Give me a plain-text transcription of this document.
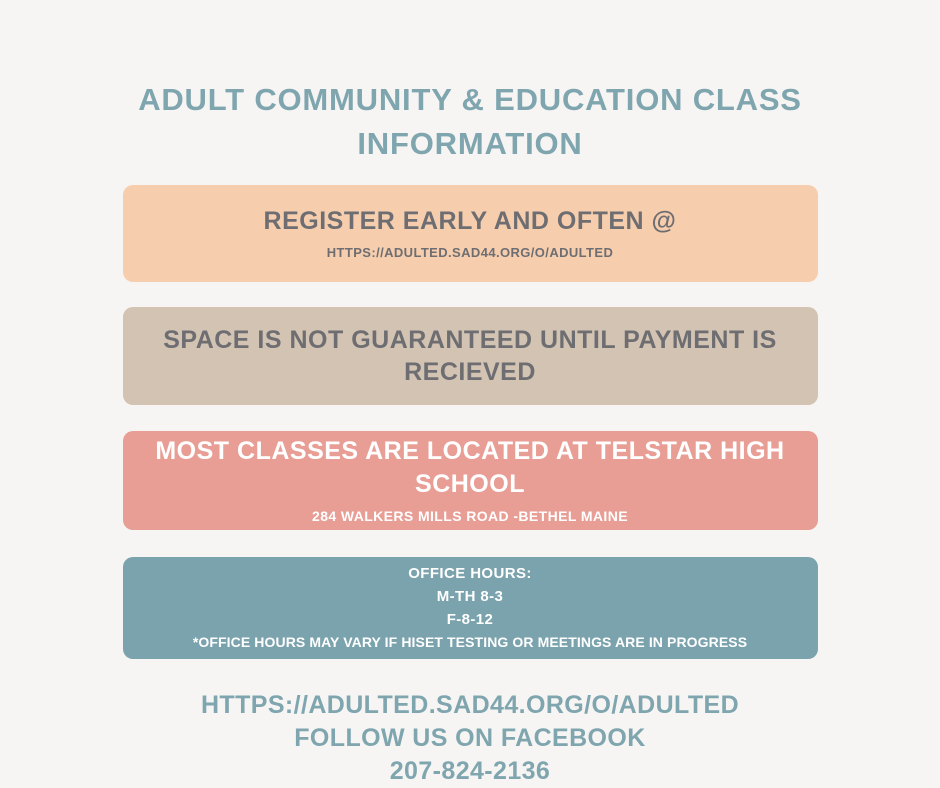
ADULT COMMUNITY & EDUCATION CLASS INFORMATION
REGISTER EARLY AND OFTEN @
HTTPS://ADULTED.SAD44.ORG/O/ADULTED
SPACE IS NOT GUARANTEED UNTIL PAYMENT IS RECIEVED
MOST CLASSES ARE LOCATED AT TELSTAR HIGH SCHOOL
284 WALKERS MILLS ROAD -BETHEL MAINE
OFFICE HOURS:
M-TH 8-3
F-8-12
*OFFICE HOURS MAY VARY IF HISET TESTING OR MEETINGS ARE IN PROGRESS
HTTPS://ADULTED.SAD44.ORG/O/ADULTED
FOLLOW US ON FACEBOOK
207-824-2136
